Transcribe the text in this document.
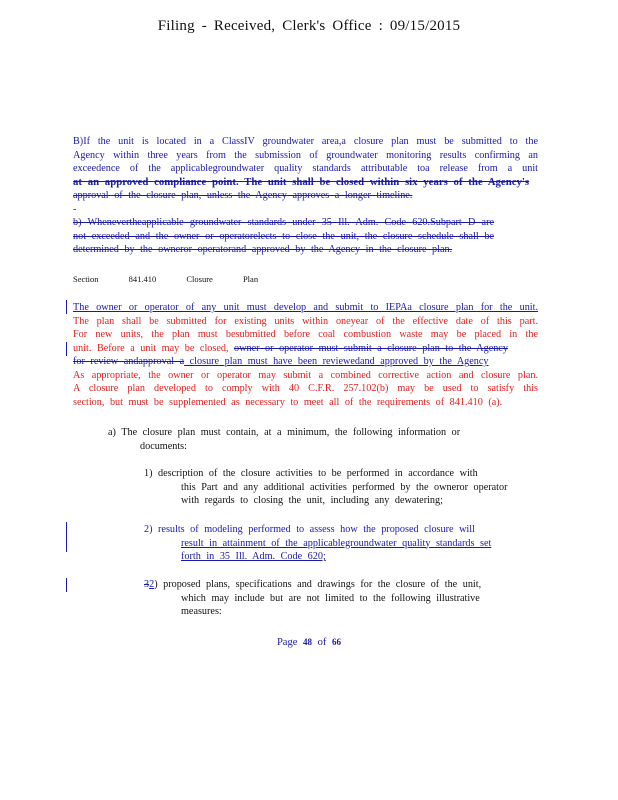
Filing - Received, Clerk's Office : 09/15/2015
B)If the unit is located in a ClassIV groundwater area,a closure plan must be submitted to the
Agency within three years from the submission of groundwater monitoring results confirming an
exceedence of the applicablegroundwater quality standards attributable toa release from a unit
at an approved compliance point. The unit shall be closed within six years of the Agency's
approval of the closure plan, unless the Agency approves a longer timeline.
-
b) Whenevertheapplicable groundwater standards under 35 Ill. Adm. Code 620.Subpart D are
not exceeded and the owner or operatorelects to close the unit, the closure schedule shall be
determined by the owneror operatorand approved by the Agency in the closure plan.
Section	841.410	Closure	Plan
The owner or operator of any unit must develop and submit to IEPAa closure plan for the unit.
The plan shall be submitted for existing units within oneyear of the effective date of this part.
For new units, the plan must besubmitted before coal combustion waste may be placed in the
unit. Before a unit may be closed, owner or operator must submit a closure plan to the Agency
for review andapproval a closure plan must have been reviewedand approved by the Agency
As appropriate, the owner or operator may submit a combined corrective action and closure plan.
A closure plan developed to comply with 40 C.F.R. 257.102(b) may be used to satisfy this
section, but must be supplemented as necessary to meet all of the requirements of 841.410 (a).
a) The closure plan must contain, at a minimum, the following information or
documents:
1) description of the closure activities to be performed in accordance with
this Part and any additional activities performed by the owneror operator
with regards to closing the unit, including any dewatering;
2) results of modeling performed to assess how the proposed closure will
result in attainment of the applicablegroundwater quality standards set
forth in 35 Ill. Adm. Code 620;
32) proposed plans, specifications and drawings for the closure of the unit,
which may include but are not limited to the following illustrative
measures:
Page 48 of 66
